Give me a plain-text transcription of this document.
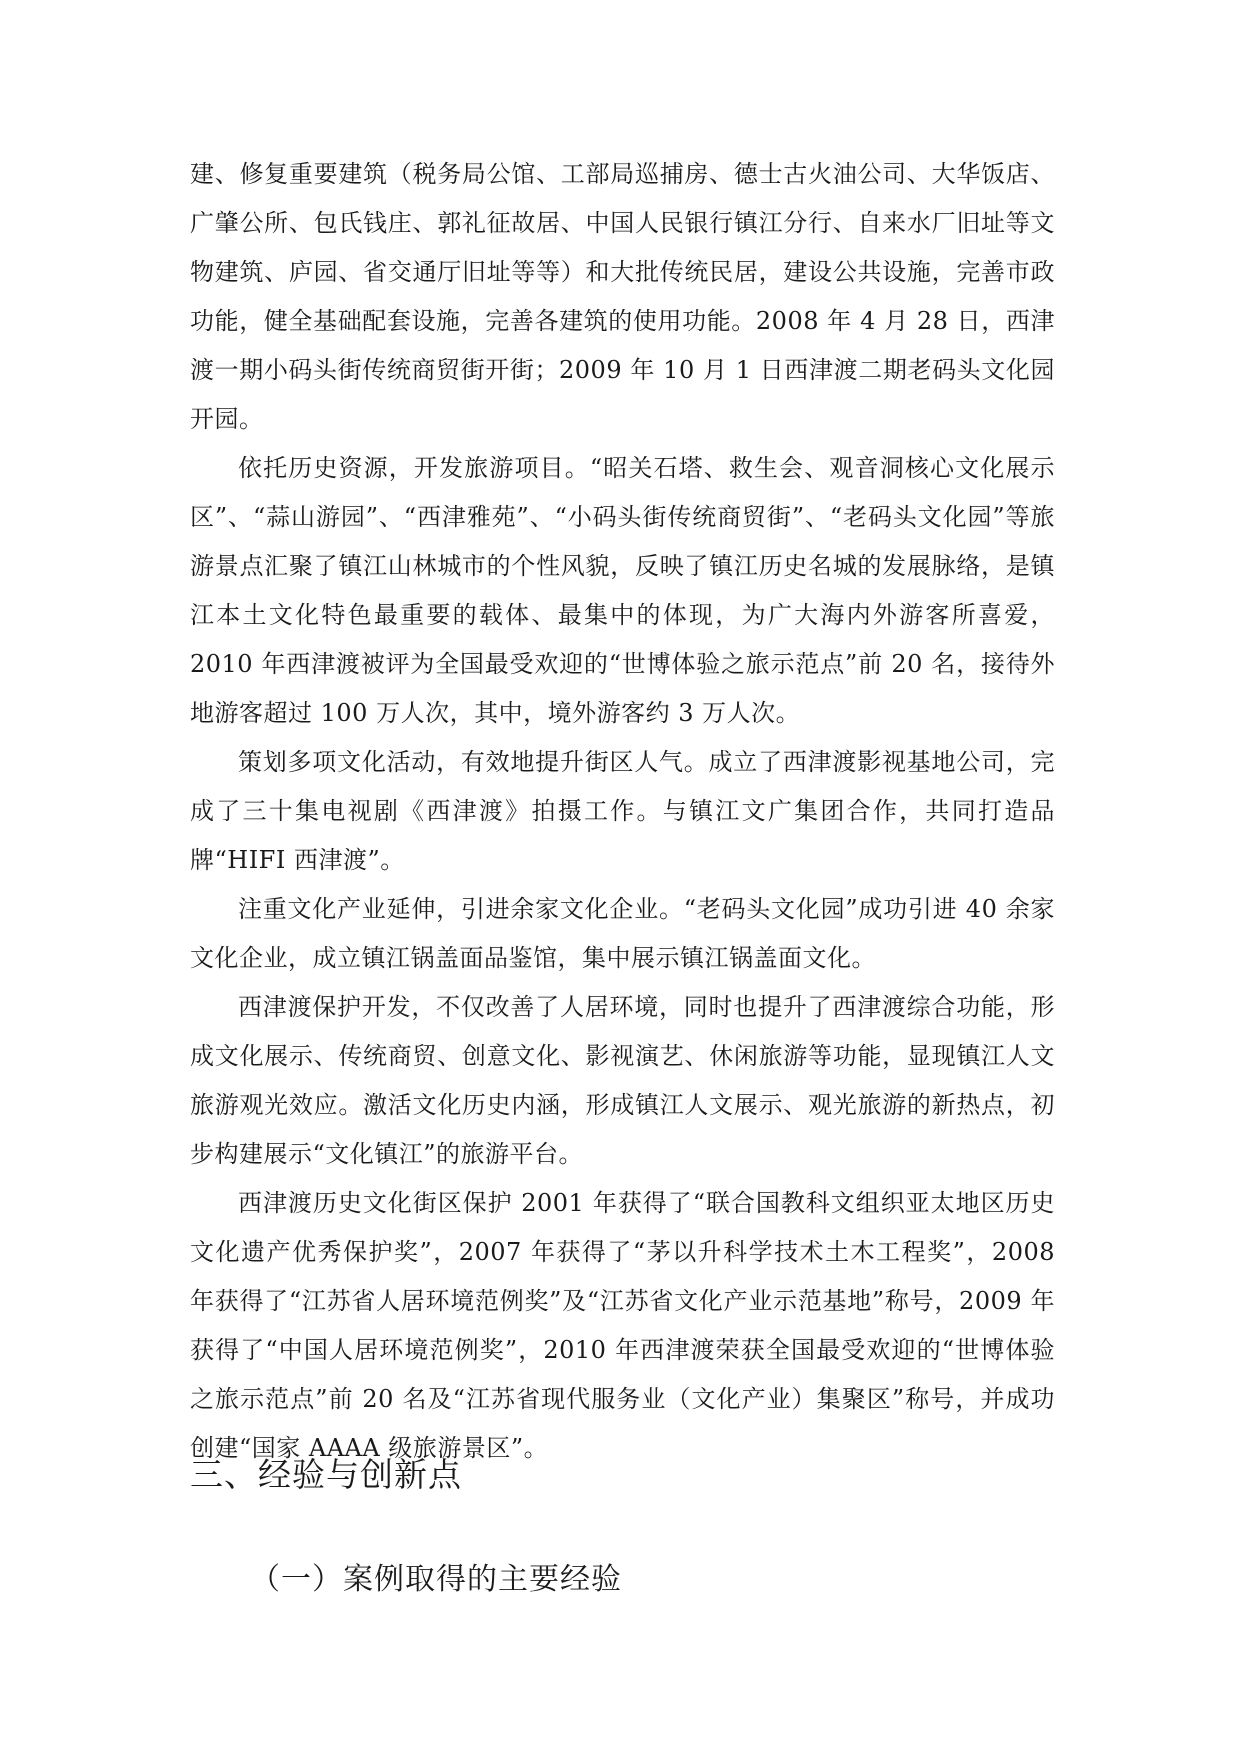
建、修复重要建筑（税务局公馆、工部局巡捕房、德士古火油公司、大华饭店、广肇公所、包氏钱庄、郭礼征故居、中国人民银行镇江分行、自来水厂旧址等文物建筑、庐园、省交通厅旧址等等）和大批传统民居，建设公共设施，完善市政功能，健全基础配套设施，完善各建筑的使用功能。2008 年 4 月 28 日，西津渡一期小码头街传统商贸街开街；2009 年 10 月 1 日西津渡二期老码头文化园开园。

依托历史资源，开发旅游项目。“昭关石塔、救生会、观音洞核心文化展示区”、“蒜山游园”、“西津雅苑”、“小码头街传统商贸街”、“老码头文化园”等旅游景点汇聚了镇江山林城市的个性风貌，反映了镇江历史名城的发展脉络，是镇江本土文化特色最重要的载体、最集中的体现，为广大海内外游客所喜爱，2010 年西津渡被评为全国最受欢迎的“世博体验之旅示范点”前 20 名，接待外地游客超过 100 万人次，其中，境外游客约 3 万人次。

策划多项文化活动，有效地提升街区人气。成立了西津渡影视基地公司，完成了三十集电视剧《西津渡》拍摄工作。与镇江文广集团合作，共同打造品牌“HIFI 西津渡”。

注重文化产业延伸，引进余家文化企业。“老码头文化园”成功引进 40 余家文化企业，成立镇江锅盖面品鉴馆，集中展示镇江锅盖面文化。

西津渡保护开发，不仅改善了人居环境，同时也提升了西津渡综合功能，形成文化展示、传统商贸、创意文化、影视演艺、休闲旅游等功能，显现镇江人文旅游观光效应。激活文化历史内涵，形成镇江人文展示、观光旅游的新热点，初步构建展示“文化镇江”的旅游平台。

西津渡历史文化街区保护 2001 年获得了“联合国教科文组织亚太地区历史文化遗产优秀保护奖”，2007 年获得了“茅以升科学技术土木工程奖”，2008 年获得了“江苏省人居环境范例奖”及“江苏省文化产业示范基地”称号，2009 年获得了“中国人居环境范例奖”，2010 年西津渡荣获全国最受欢迎的“世博体验之旅示范点”前 20 名及“江苏省现代服务业（文化产业）集聚区”称号，并成功创建“国家 AAAA 级旅游景区”。

三、经验与创新点
（一）案例取得的主要经验
